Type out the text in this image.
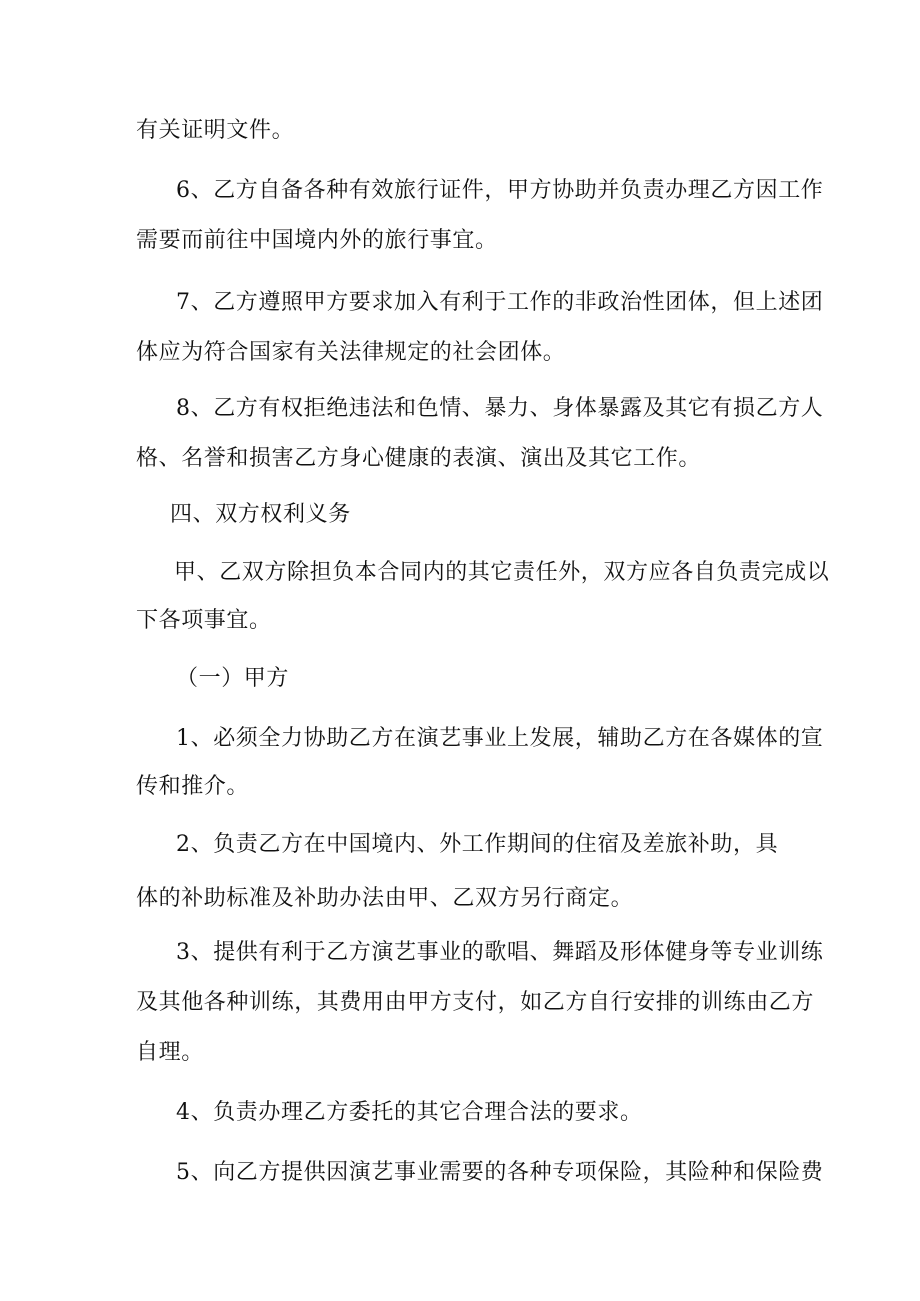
有关证明文件。
6、乙方自备各种有效旅行证件，甲方协助并负责办理乙方因工作
需要而前往中国境内外的旅行事宜。
7、乙方遵照甲方要求加入有利于工作的非政治性团体，但上述团
体应为符合国家有关法律规定的社会团体。
8、乙方有权拒绝违法和色情、暴力、身体暴露及其它有损乙方人
格、名誉和损害乙方身心健康的表演、演出及其它工作。
四、双方权利义务
甲、乙双方除担负本合同内的其它责任外，双方应各自负责完成以
下各项事宜。
（一）甲方
1、必须全力协助乙方在演艺事业上发展，辅助乙方在各媒体的宣
传和推介。
2、负责乙方在中国境内、外工作期间的住宿及差旅补助，具
体的补助标准及补助办法由甲、乙双方另行商定。
3、提供有利于乙方演艺事业的歌唱、舞蹈及形体健身等专业训练
及其他各种训练，其费用由甲方支付，如乙方自行安排的训练由乙方
自理。
4、负责办理乙方委托的其它合理合法的要求。
5、向乙方提供因演艺事业需要的各种专项保险，其险种和保险费
